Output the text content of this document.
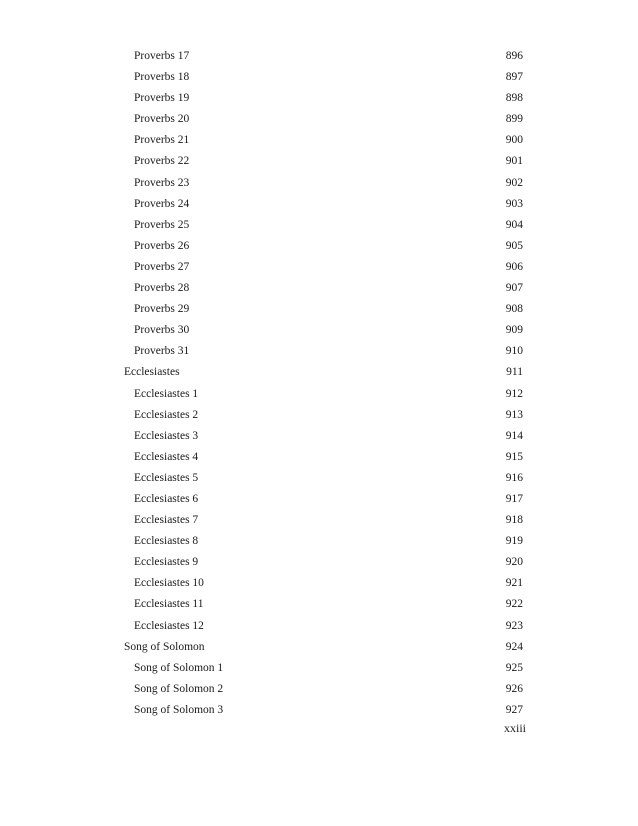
Proverbs 17	896
Proverbs 18	897
Proverbs 19	898
Proverbs 20	899
Proverbs 21	900
Proverbs 22	901
Proverbs 23	902
Proverbs 24	903
Proverbs 25	904
Proverbs 26	905
Proverbs 27	906
Proverbs 28	907
Proverbs 29	908
Proverbs 30	909
Proverbs 31	910
Ecclesiastes	911
Ecclesiastes 1	912
Ecclesiastes 2	913
Ecclesiastes 3	914
Ecclesiastes 4	915
Ecclesiastes 5	916
Ecclesiastes 6	917
Ecclesiastes 7	918
Ecclesiastes 8	919
Ecclesiastes 9	920
Ecclesiastes 10	921
Ecclesiastes 11	922
Ecclesiastes 12	923
Song of Solomon	924
Song of Solomon 1	925
Song of Solomon 2	926
Song of Solomon 3	927
xxiii
